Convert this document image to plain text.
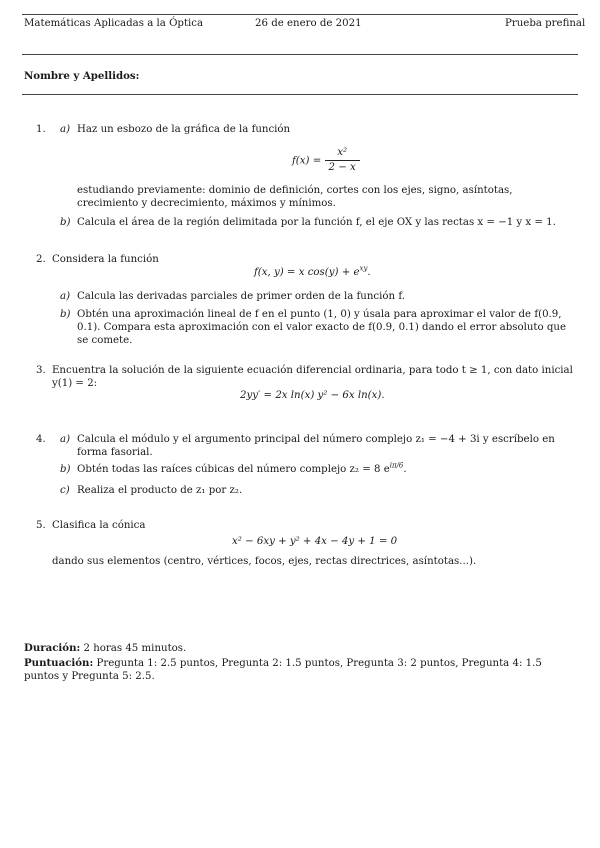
Matemáticas Aplicadas a la Óptica	26 de enero de 2021	Prueba prefinal
Nombre y Apellidos:
1. a) Haz un esbozo de la gráfica de la función
$f(x) = \frac{\text{x²}}{2 - x}$
estudiando previamente: dominio de definición, cortes con los ejes, signo, asíntotas, crecimiento y decrecimiento, máximos y mínimos.
b) Calcula el área de la región delimitada por la función f, el eje OX y las rectas x = −1 y x = 1.
2. Considera la función
f(x, y) = x $\cos(y) + e^{xy}$.
a) Calcula las derivadas parciales de primer orden de la función f.
b) Obtén una aproximación lineal de f en el punto (1, 0) y úsala para aproximar el valor de f(0.9, 0.1). Compara esta aproximación con el valor exacto de f(0.9, 0.1) dando el error absoluto que se comete.
3. Encuentra la solución de la siguiente ecuación diferencial ordinaria, para todo t ≥ 1, con dato inicial y(1) = 2:
2yy′ = 2x ln(x) y² − 6x ln(x).
4. a) Calcula el módulo y el argumento principal del número complejo z₁ = −4 + 3i y escríbelo en forma fasorial.
b) Obtén todas las raíces cúbicas del número complejo z₂ = 8 $e^{i\pi/6}$.
c) Realiza el producto de z₁ por z₂.
5. Clasifica la cónica
x² − 6xy + y² + 4x − 4y + 1 = 0
dando sus elementos (centro, vértices, focos, ejes, rectas directrices, asíntotas...).
Duración: 2 horas 45 minutos.
Puntuación: Pregunta 1: 2.5 puntos, Pregunta 2: 1.5 puntos, Pregunta 3: 2 puntos, Pregunta 4: 1.5 puntos y Pregunta 5: 2.5.
